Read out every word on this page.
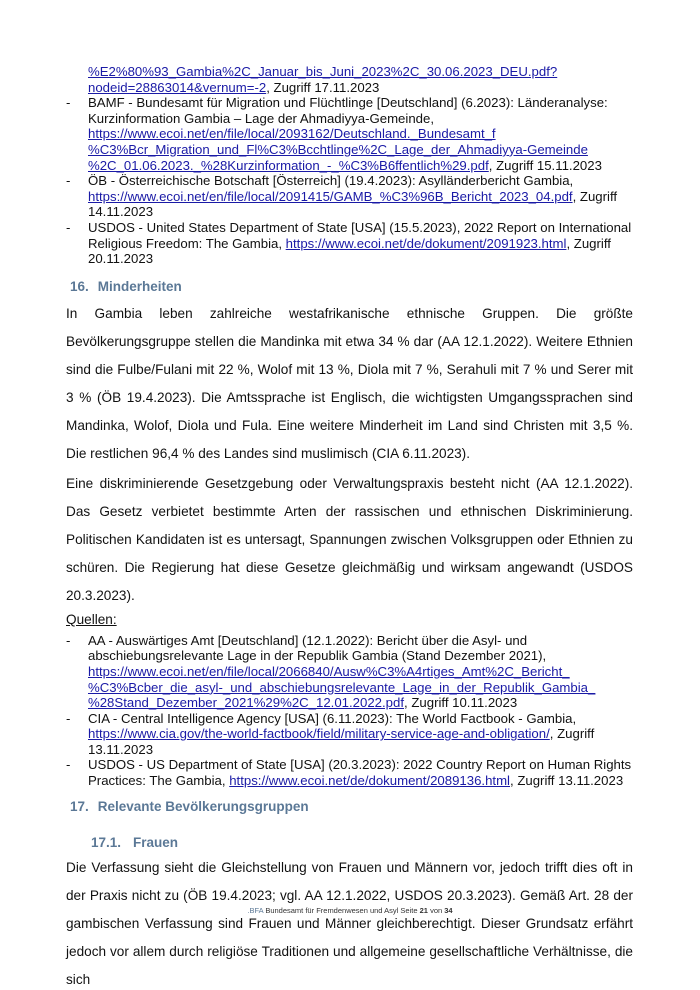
%E2%80%93_Gambia%2C_Januar_bis_Juni_2023%2C_30.06.2023_DEU.pdf?
nodeid=28863014&vernum=-2, Zugriff 17.11.2023
- BAMF - Bundesamt für Migration und Flüchtlinge [Deutschland] (6.2023): Länderanalyse:
Kurzinformation Gambia – Lage der Ahmadiyya-Gemeinde,
https://www.ecoi.net/en/file/local/2093162/Deutschland._Bundesamt_f
%C3%Bcr_Migration_und_Fl%C3%Bcchtlinge%2C_Lage_der_Ahmadiyya-Gemeinde
%2C_01.06.2023._%28Kurzinformation_-_%C3%B6ffentlich%29.pdf, Zugriff 15.11.2023
- ÖB - Österreichische Botschaft [Österreich] (19.4.2023): Asylländerbericht Gambia,
https://www.ecoi.net/en/file/local/2091415/GAMB_%C3%96B_Bericht_2023_04.pdf, Zugriff
14.11.2023
- USDOS - United States Department of State [USA] (15.5.2023), 2022 Report on International
Religious Freedom: The Gambia, https://www.ecoi.net/de/dokument/2091923.html, Zugriff
20.11.2023
16. Minderheiten

In Gambia leben zahlreiche westafrikanische ethnische Gruppen. Die größte Bevölkerungsgruppe stellen die Mandinka mit etwa 34 % dar (AA 12.1.2022). Weitere Ethnien sind die Fulbe/Fulani mit 22 %, Wolof mit 13 %, Diola mit 7 %, Serahuli mit 7 % und Serer mit 3 % (ÖB 19.4.2023). Die Amtssprache ist Englisch, die wichtigsten Umgangssprachen sind Mandinka, Wolof, Diola und Fula. Eine weitere Minderheit im Land sind Christen mit 3,5 %. Die restlichen 96,4 % des Landes sind muslimisch (CIA 6.11.2023).

Eine diskriminierende Gesetzgebung oder Verwaltungspraxis besteht nicht (AA 12.1.2022). Das Gesetz verbietet bestimmte Arten der rassischen und ethnischen Diskriminierung. Politischen Kandidaten ist es untersagt, Spannungen zwischen Volksgruppen oder Ethnien zu schüren. Die Regierung hat diese Gesetze gleichmäßig und wirksam angewandt (USDOS 20.3.2023).

Quellen:

- AA - Auswärtiges Amt [Deutschland] (12.1.2022): Bericht über die Asyl- und
abschiebungsrelevante Lage in der Republik Gambia (Stand Dezember 2021),
https://www.ecoi.net/en/file/local/2066840/Ausw%C3%A4rtiges_Amt%2C_Bericht_
%C3%Bcber_die_asyl-_und_abschiebungsrelevante_Lage_in_der_Republik_Gambia_
%28Stand_Dezember_2021%29%2C_12.01.2022.pdf, Zugriff 10.11.2023
- CIA - Central Intelligence Agency [USA] (6.11.2023): The World Factbook - Gambia,
https://www.cia.gov/the-world-factbook/field/military-service-age-and-obligation/, Zugriff
13.11.2023
- USDOS - US Department of State [USA] (20.3.2023): 2022 Country Report on Human Rights
Practices: The Gambia, https://www.ecoi.net/de/dokument/2089136.html, Zugriff 13.11.2023
17. Relevante Bevölkerungsgruppen
17.1. Frauen

Die Verfassung sieht die Gleichstellung von Frauen und Männern vor, jedoch trifft dies oft in der Praxis nicht zu (ÖB 19.4.2023; vgl. AA 12.1.2022, USDOS 20.3.2023). Gemäß Art. 28 der gambischen Verfassung sind Frauen und Männer gleichberechtigt. Dieser Grundsatz erfährt jedoch vor allem durch religiöse Traditionen und allgemeine gesellschaftliche Verhältnisse, die sich

.BFA Bundesamt für Fremdenwesen und Asyl Seite 21 von 34
